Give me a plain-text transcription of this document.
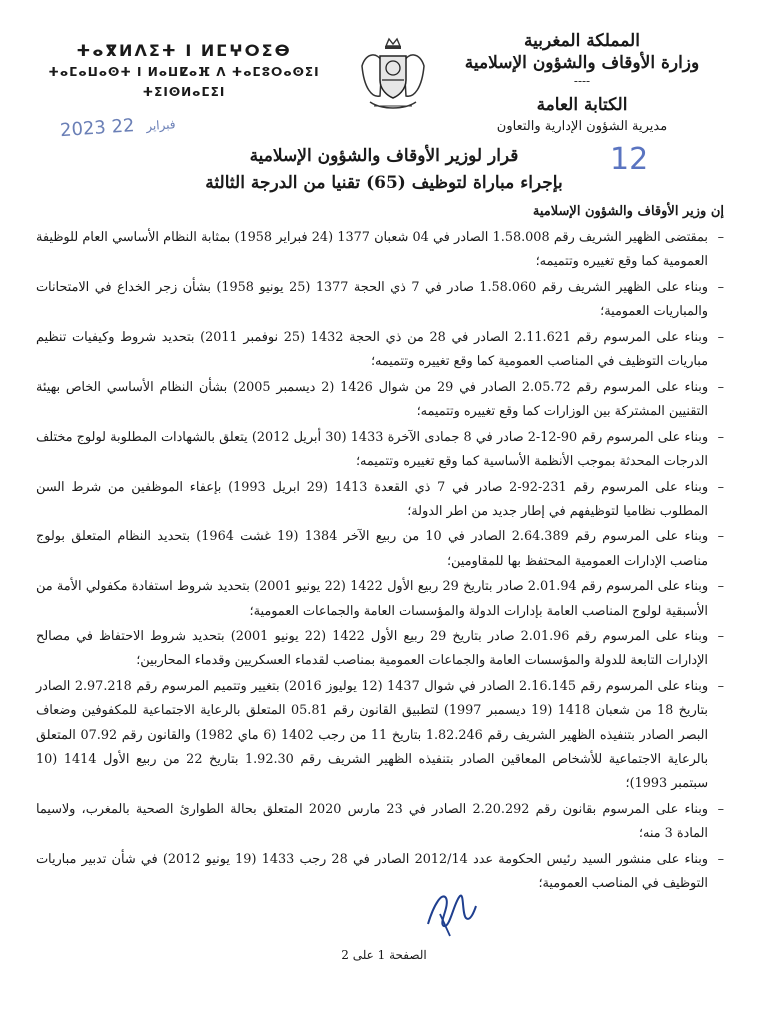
المملكة المغربية
وزارة الأوقاف والشؤون الإسلامية
----
الكتابة العامة
مديرية الشؤون الإدارية والتعاون
ⵜⴰⴳⵍⴷⵉⵜ ⵏ ⵍⵎⵖⵔⵉⴱ
ⵜⴰⵎⴰⵡⴰⵙⵜ ⵏ ⵍⴰⵡⵇⴰⴼ ⴷ ⵜⴰⵎⵓⵔⴰⵙⵉⵏ ⵜⵉⵏⵙⵍⴰⵎⵉⵏ
2023	فبراير 22
12
قرار لوزير الأوقاف والشؤون الإسلامية
بإجراء مباراة لتوظيف (65) تقنيا من الدرجة الثالثة
إن وزير الأوقاف والشؤون الإسلامية
– بمقتضى الظهير الشريف رقم 1.58.008 الصادر في 04 شعبان 1377 (24 فبراير 1958) بمثابة النظام الأساسي العام للوظيفة العمومية كما وقع تغييره وتتميمه؛
– وبناء على الظهير الشريف رقم 1.58.060 صادر في 7 ذي الحجة 1377 (25 يونيو 1958) بشأن زجر الخداع في الامتحانات والمباريات العمومية؛
– وبناء على المرسوم رقم 2.11.621 الصادر في 28 من ذي الحجة 1432 (25 نوفمبر 2011) بتحديد شروط وكيفيات تنظيم مباريات التوظيف في المناصب العمومية كما وقع تغييره وتتميمه؛
– وبناء على المرسوم رقم 2.05.72 الصادر في 29 من شوال 1426 (2 ديسمبر 2005) بشأن النظام الأساسي الخاص بهيئة التقنيين المشتركة بين الوزارات كما وقع تغييره وتتميمه؛
– وبناء على المرسوم رقم 90-12-2 صادر في 8 جمادى الآخرة 1433 (30 أبريل 2012) يتعلق بالشهادات المطلوبة لولوج مختلف الدرجات المحدثة بموجب الأنظمة الأساسية كما وقع تغييره وتتميمه؛
– وبناء على المرسوم رقم 231-92-2 صادر في 7 ذي القعدة 1413 (29 ابريل 1993) بإعفاء الموظفين من شرط السن المطلوب نظاميا لتوظيفهم في إطار جديد من اطر الدولة؛
– وبناء على المرسوم رقم 2.64.389 الصادر في 10 من ربيع الآخر 1384 (19 غشت 1964) بتحديد النظام المتعلق بولوج مناصب الإدارات العمومية المحتفظ بها للمقاومين؛
– وبناء على المرسوم رقم 2.01.94 صادر بتاريخ 29 ربيع الأول 1422 (22 يونيو 2001) بتحديد شروط استفادة مكفولي الأمة من الأسبقية لولوج المناصب العامة بإدارات الدولة والمؤسسات العامة والجماعات العمومية؛
– وبناء على المرسوم رقم 2.01.96 صادر بتاريخ 29 ربيع الأول 1422 (22 يونيو 2001) بتحديد شروط الاحتفاظ في مصالح الإدارات التابعة للدولة والمؤسسات العامة والجماعات العمومية بمناصب لقدماء العسكريين وقدماء المحاربين؛
– وبناء على المرسوم رقم 2.16.145 الصادر في شوال 1437 (12 يوليوز 2016) بتغيير وتتميم المرسوم رقم 2.97.218 الصادر بتاريخ 18 من شعبان 1418 (19 ديسمبر 1997) لتطبيق القانون رقم 05.81 المتعلق بالرعاية الاجتماعية للمكفوفين وضعاف البصر الصادر بتنفيذه الظهير الشريف رقم 1.82.246 بتاريخ 11 من رجب 1402 (6 ماي 1982) والقانون رقم 07.92 المتعلق بالرعاية الاجتماعية للأشخاص المعاقين الصادر بتنفيذه الظهير الشريف رقم 1.92.30 بتاريخ 22 من ربيع الأول 1414 (10 سبتمبر 1993)؛
– وبناء على المرسوم بقانون رقم 2.20.292 الصادر في 23 مارس 2020 المتعلق بحالة الطوارئ الصحية بالمغرب، ولاسيما المادة 3 منه؛
– وبناء على منشور السيد رئيس الحكومة عدد 2012/14 الصادر في 28 رجب 1433 (19 يونيو 2012) في شأن تدبير مباريات التوظيف في المناصب العمومية؛
الصفحة 1 على 2
